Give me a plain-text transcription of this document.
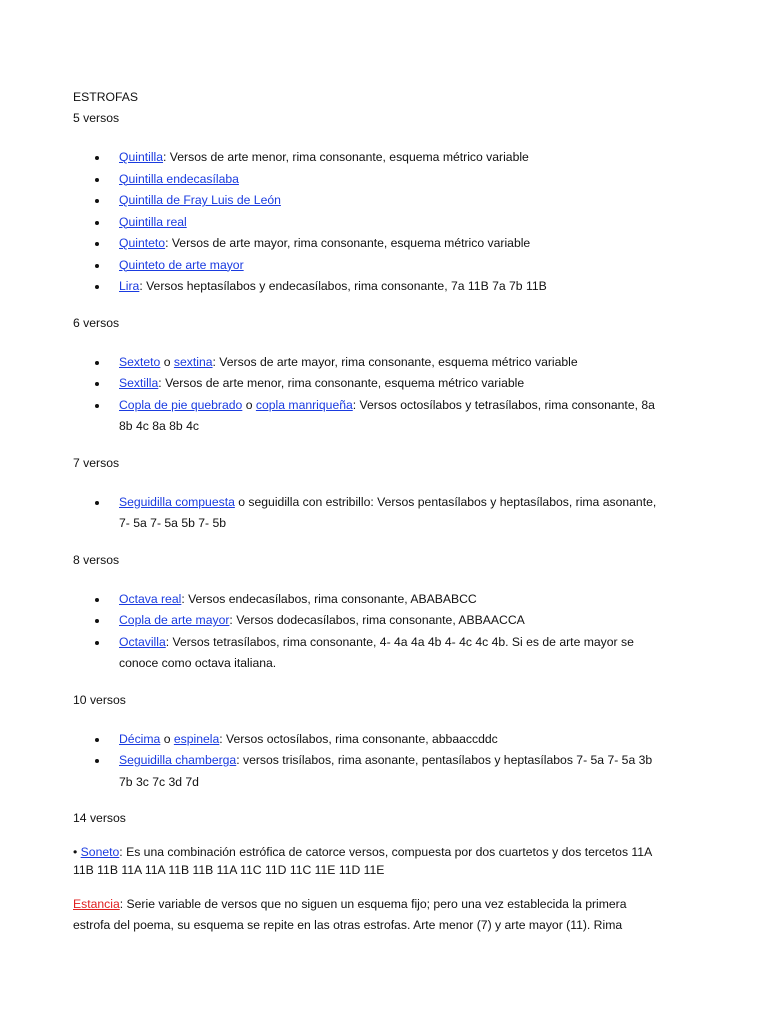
ESTROFAS
5 versos
Quintilla: Versos de arte menor, rima consonante, esquema métrico variable
Quintilla endecasílaba
Quintilla de Fray Luis de León
Quintilla real
Quinteto: Versos de arte mayor, rima consonante, esquema métrico variable
Quinteto de arte mayor
Lira: Versos heptasílabos y endecasílabos, rima consonante, 7a 11B 7a 7b 11B
6 versos
Sexteto o sextina: Versos de arte mayor, rima consonante, esquema métrico variable
Sextilla: Versos de arte menor, rima consonante, esquema métrico variable
Copla de pie quebrado o copla manriqueña: Versos octosílabos y tetrasílabos, rima consonante, 8a
8b 4c 8a 8b 4c
7 versos
Seguidilla compuesta o seguidilla con estribillo: Versos pentasílabos y heptasílabos, rima asonante,
7- 5a 7- 5a 5b 7- 5b
8 versos
Octava real: Versos endecasílabos, rima consonante, ABABABCC
Copla de arte mayor: Versos dodecasílabos, rima consonante, ABBAACCA
Octavilla: Versos tetrasílabos, rima consonante, 4- 4a 4a 4b 4- 4c 4c 4b. Si es de arte mayor se
conoce como octava italiana.
10 versos
Décima o espinela: Versos octosílabos, rima consonante, abbaaccddc
Seguidilla chamberga: versos trisílabos, rima asonante, pentasílabos y heptasílabos 7- 5a 7- 5a 3b
7b 3c 7c 3d 7d
14 versos
• Soneto: Es una combinación estrófica de catorce versos, compuesta por dos cuartetos y dos tercetos 11A
11B 11B 11A 11A 11B 11B 11A 11C 11D 11C 11E 11D 11E
Estancia: Serie variable de versos que no siguen un esquema fijo; pero una vez establecida la primera
estrofa del poema, su esquema se repite en las otras estrofas. Arte menor (7) y arte mayor (11). Rima
